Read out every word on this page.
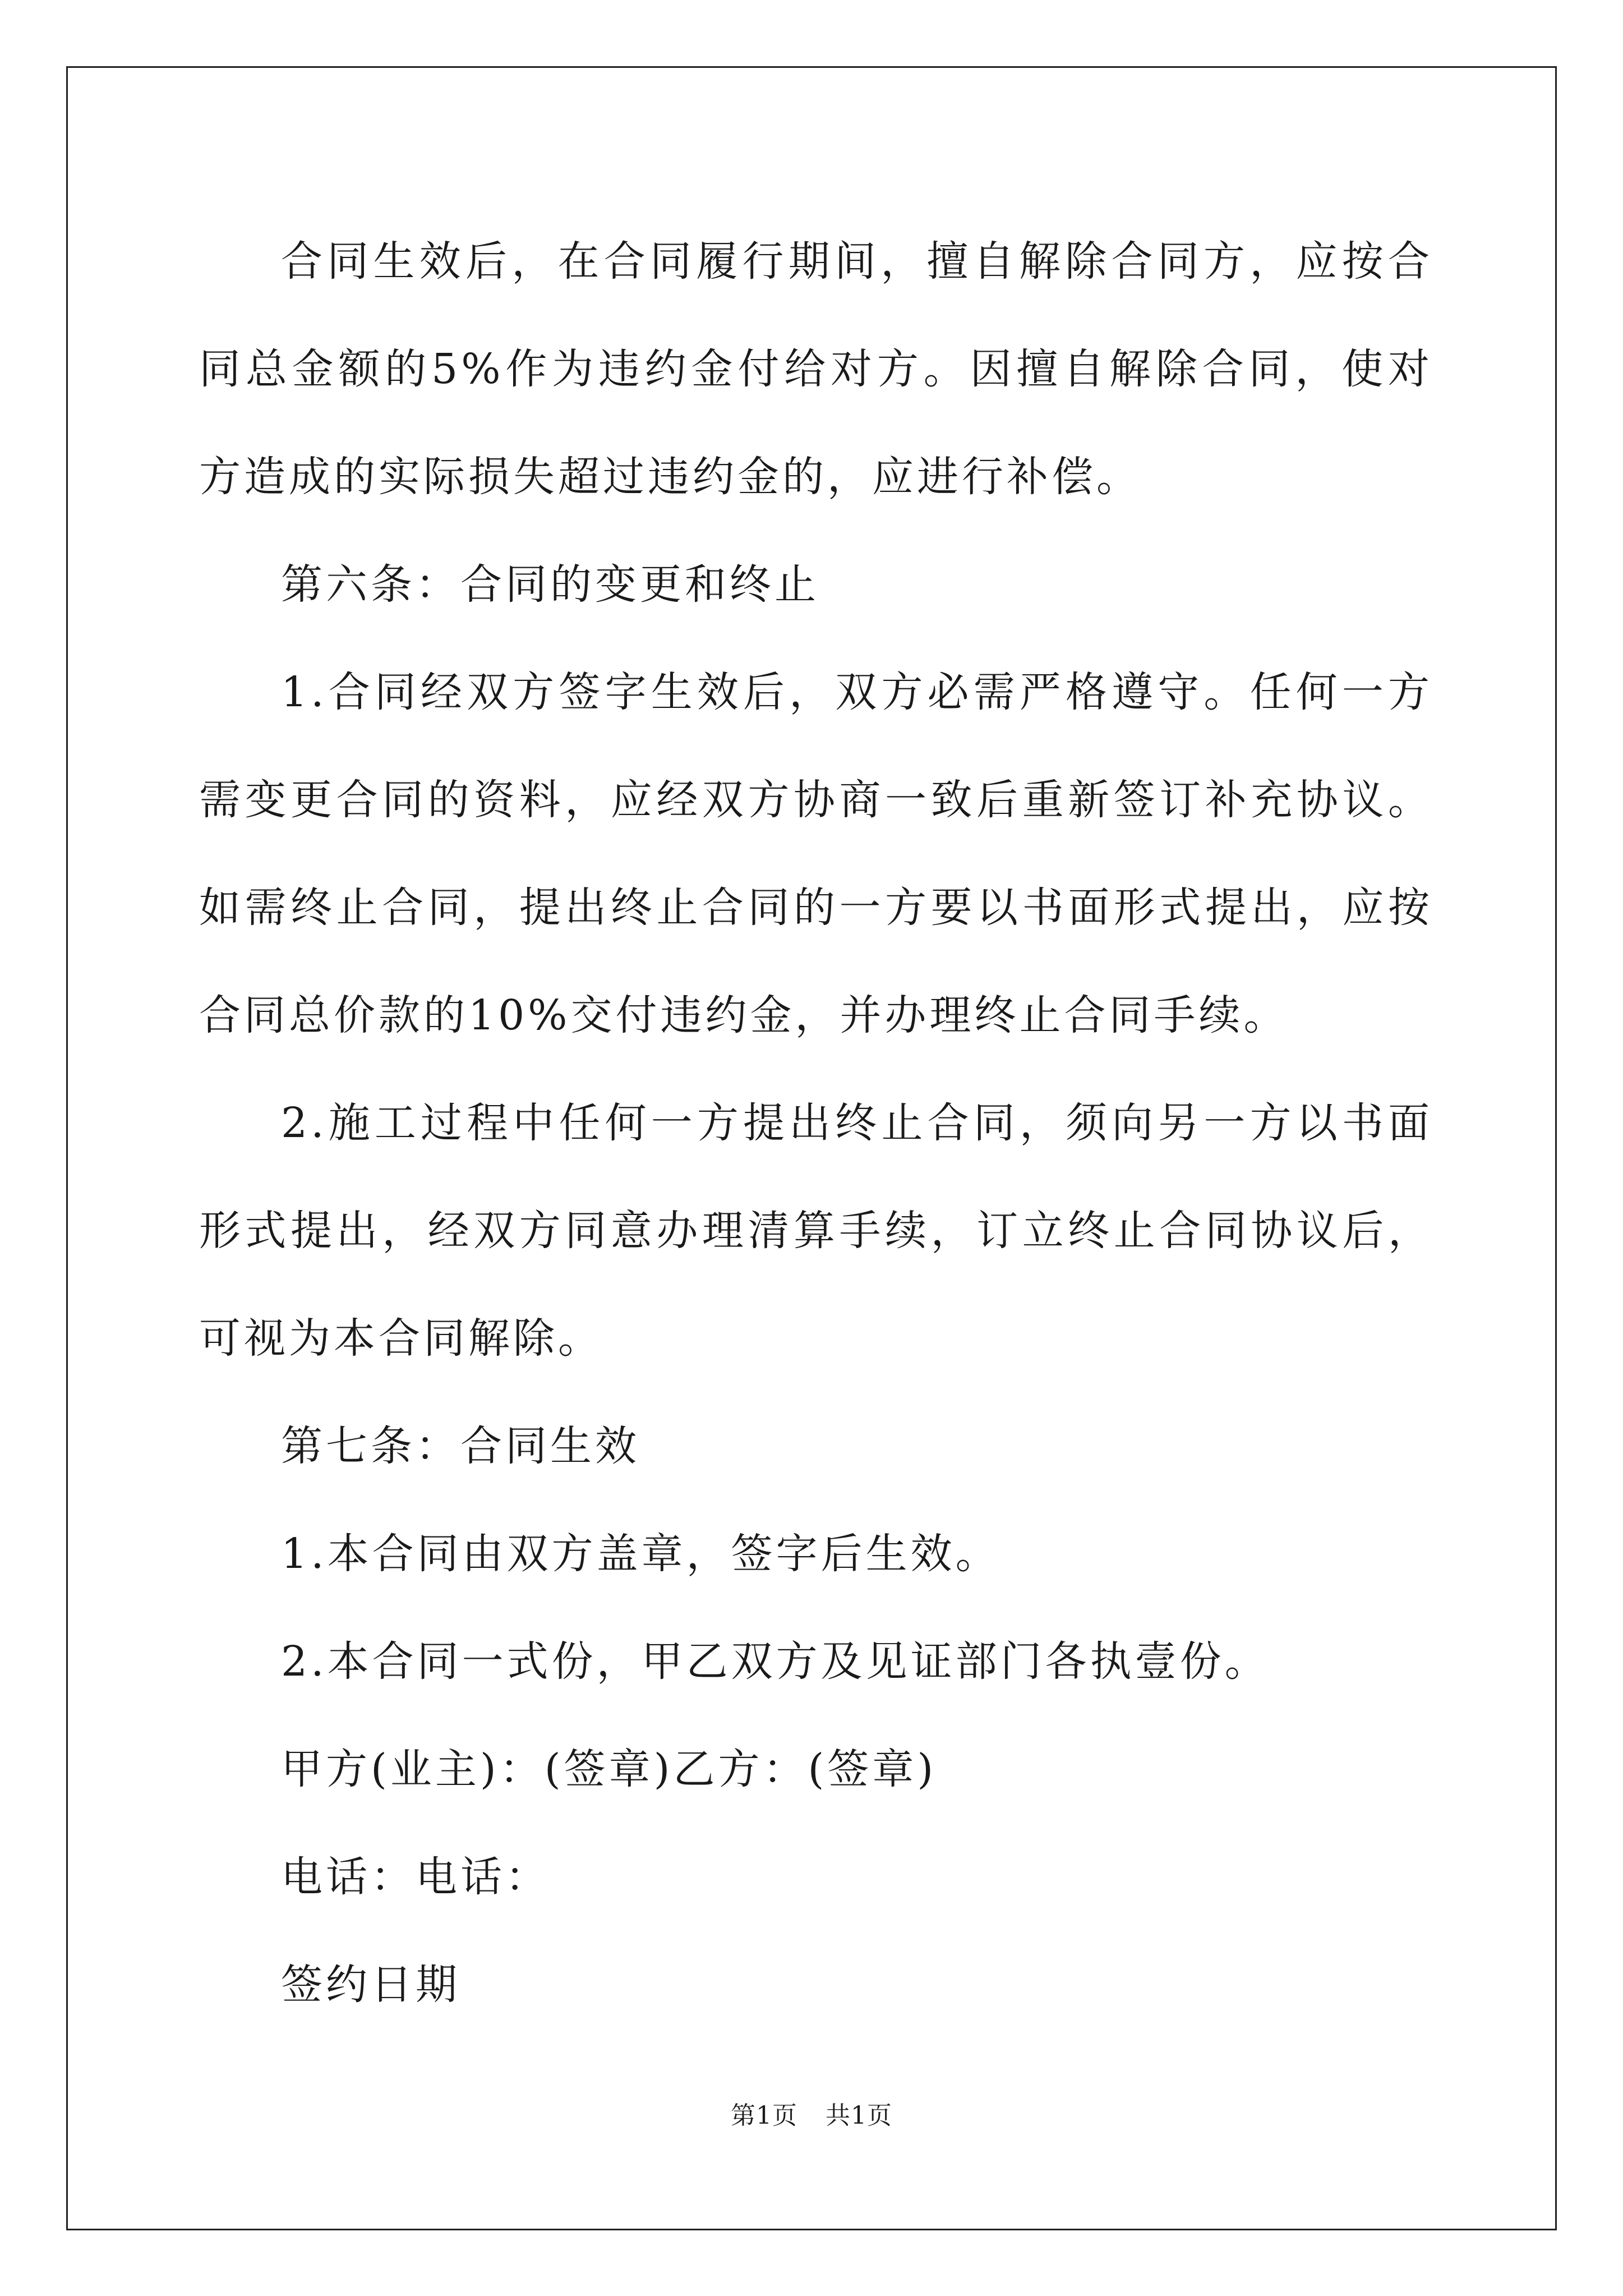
合同生效后，在合同履行期间，擅自解除合同方，应按合同总金额的5%作为违约金付给对方。因擅自解除合同，使对方造成的实际损失超过违约金的，应进行补偿。

第六条：合同的变更和终止

1.合同经双方签字生效后，双方必需严格遵守。任何一方需变更合同的资料，应经双方协商一致后重新签订补充协议。如需终止合同，提出终止合同的一方要以书面形式提出，应按合同总价款的10%交付违约金，并办理终止合同手续。

2.施工过程中任何一方提出终止合同，须向另一方以书面形式提出，经双方同意办理清算手续，订立终止合同协议后，可视为本合同解除。

第七条：合同生效

1.本合同由双方盖章，签字后生效。

2.本合同一式份，甲乙双方及见证部门各执壹份。

甲方(业主)：(签章)乙方：(签章)

电话：电话：

签约日期

第1页 共1页
